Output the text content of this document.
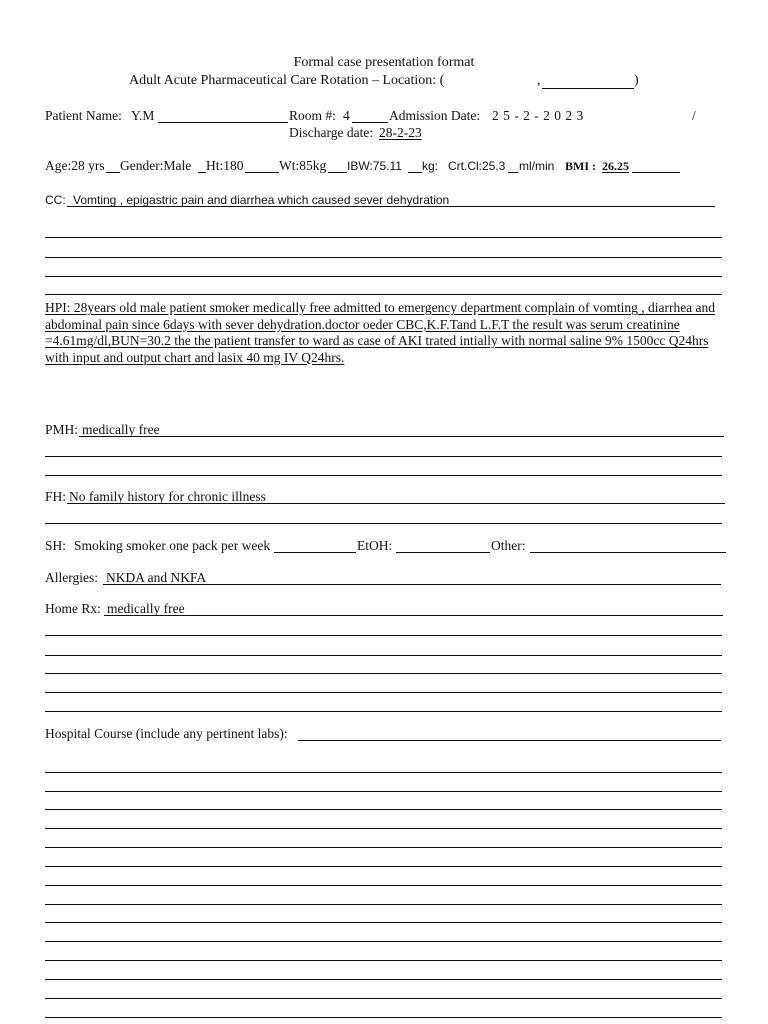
Formal case presentation format
Adult Acute Pharmaceutical Care Rotation – Location: (	,	)
Patient Name: Y.M	Room #: 4	Admission Date: 2 5 - 2 - 2 0 2 3	/
Discharge date: 28-2-23
Age:28 yrs Gender:Male Ht:180	Wt:85kg IBW:75.11 kg: Crt.Cl:25.3 ml/min BMI : 26.25
CC: Vomting , epigastric pain and diarrhea which caused sever dehydration
HPI: 28years old male patient smoker medically free admitted to emergency department complain of vomting , diarrhea and abdominal pain since 6days with sever dehydration.doctor oeder CBC,K.F.Tand L.F.T the result was serum creatinine =4.61mg/dl,BUN=30.2 the the patient transfer to ward as case of AKI trated intially with normal saline 9% 1500cc Q24hrs with input and output chart and lasix 40 mg IV Q24hrs.
PMH: medically free
FH: No family history for chronic illness
SH: Smoking smoker one pack per week	EtOH:	Other:
Allergies: NKDA and NKFA
Home Rx: medically free
Hospital Course (include any pertinent labs):
